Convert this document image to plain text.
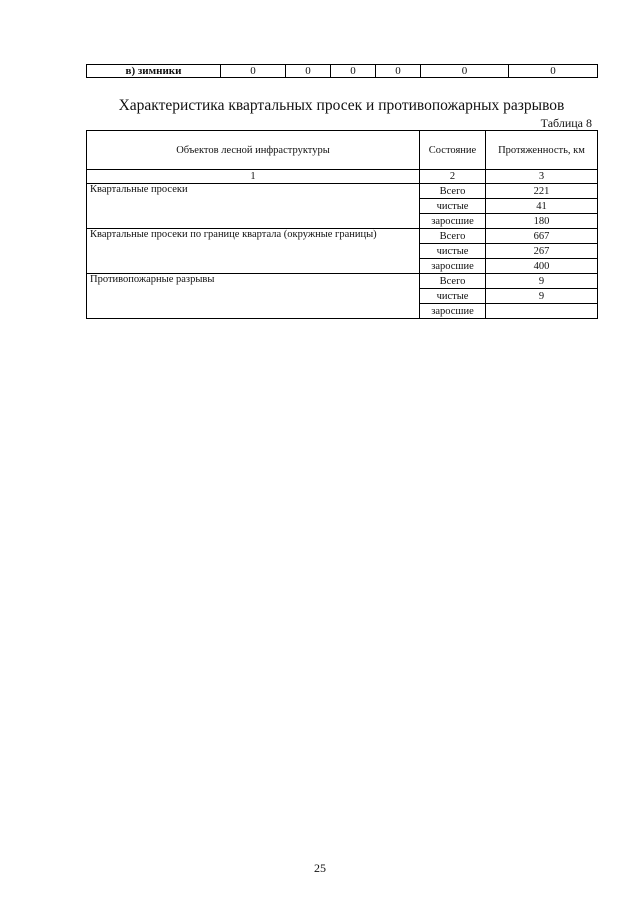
в) зимники	0	0	0	0	0	0
Характеристика квартальных просек и противопожарных разрывов
Таблица 8
Объектов лесной инфраструктуры	Состояние	Протяженность, км
1	2	3
Квартальные просеки	Всего	221
	чистые	41
	заросшие	180
Квартальные просеки по границе квартала (окружные границы)	Всего	667
	чистые	267
	заросшие	400
Противопожарные разрывы	Всего	9
	чистые	9
	заросшие	
25
